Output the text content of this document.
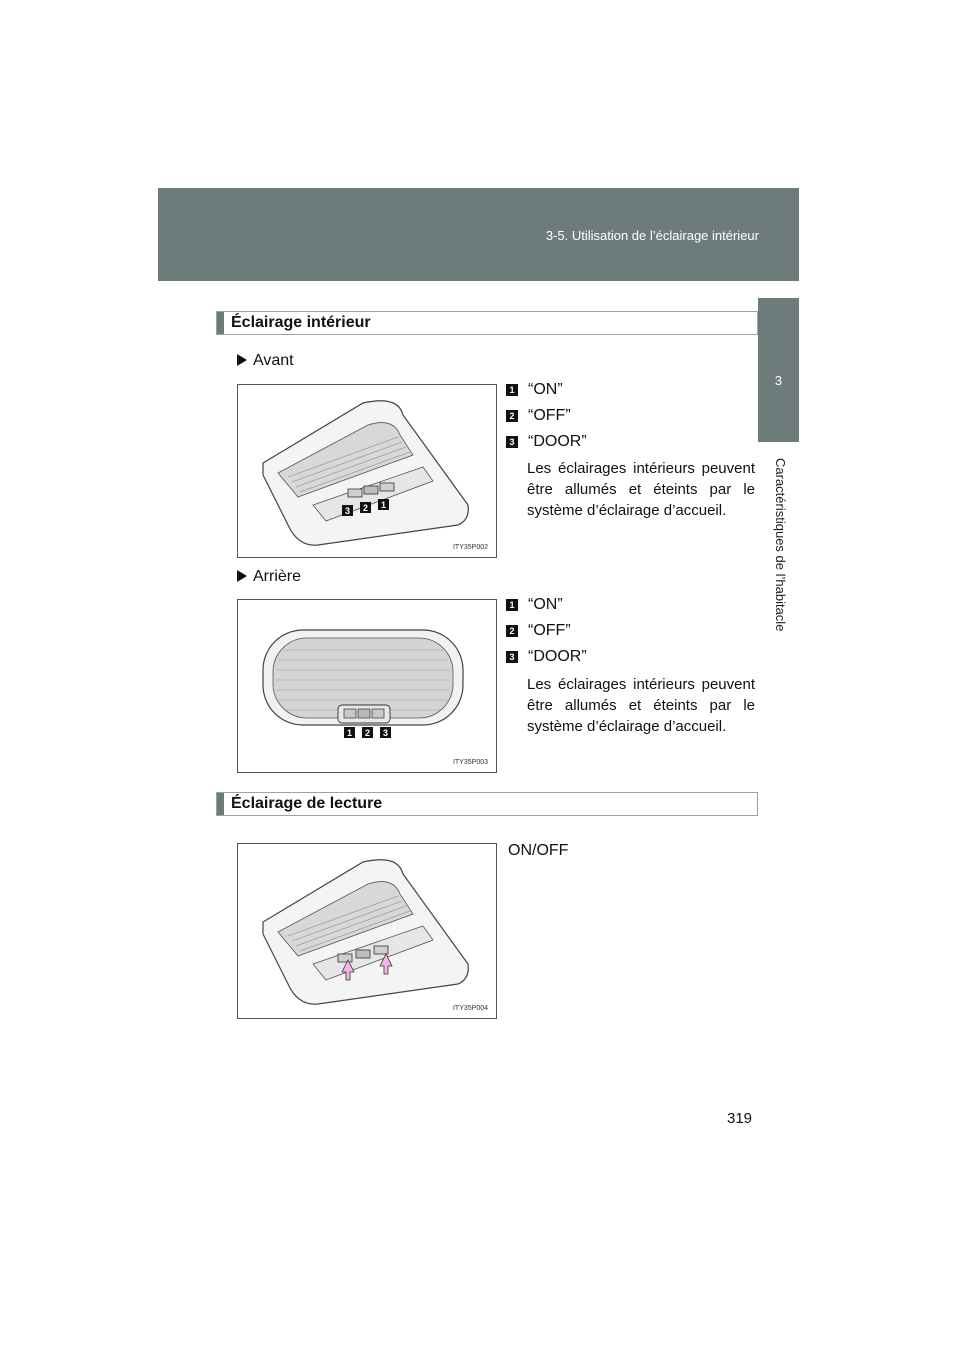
3-5. Utilisation de l’éclairage intérieur
3
Caractéristiques de l’habitacle
Éclairage intérieur
Avant
3 2 1
ITY35P002
1 “ON”
2 “OFF”
3 “DOOR”
Les éclairages intérieurs peuvent être allumés et éteints par le système d’éclairage d’accueil.
Arrière
1 2 3
ITY35P003
1 “ON”
2 “OFF”
3 “DOOR”
Les éclairages intérieurs peuvent être allumés et éteints par le système d’éclairage d’accueil.
Éclairage de lecture
ITY35P004
ON/OFF
319
